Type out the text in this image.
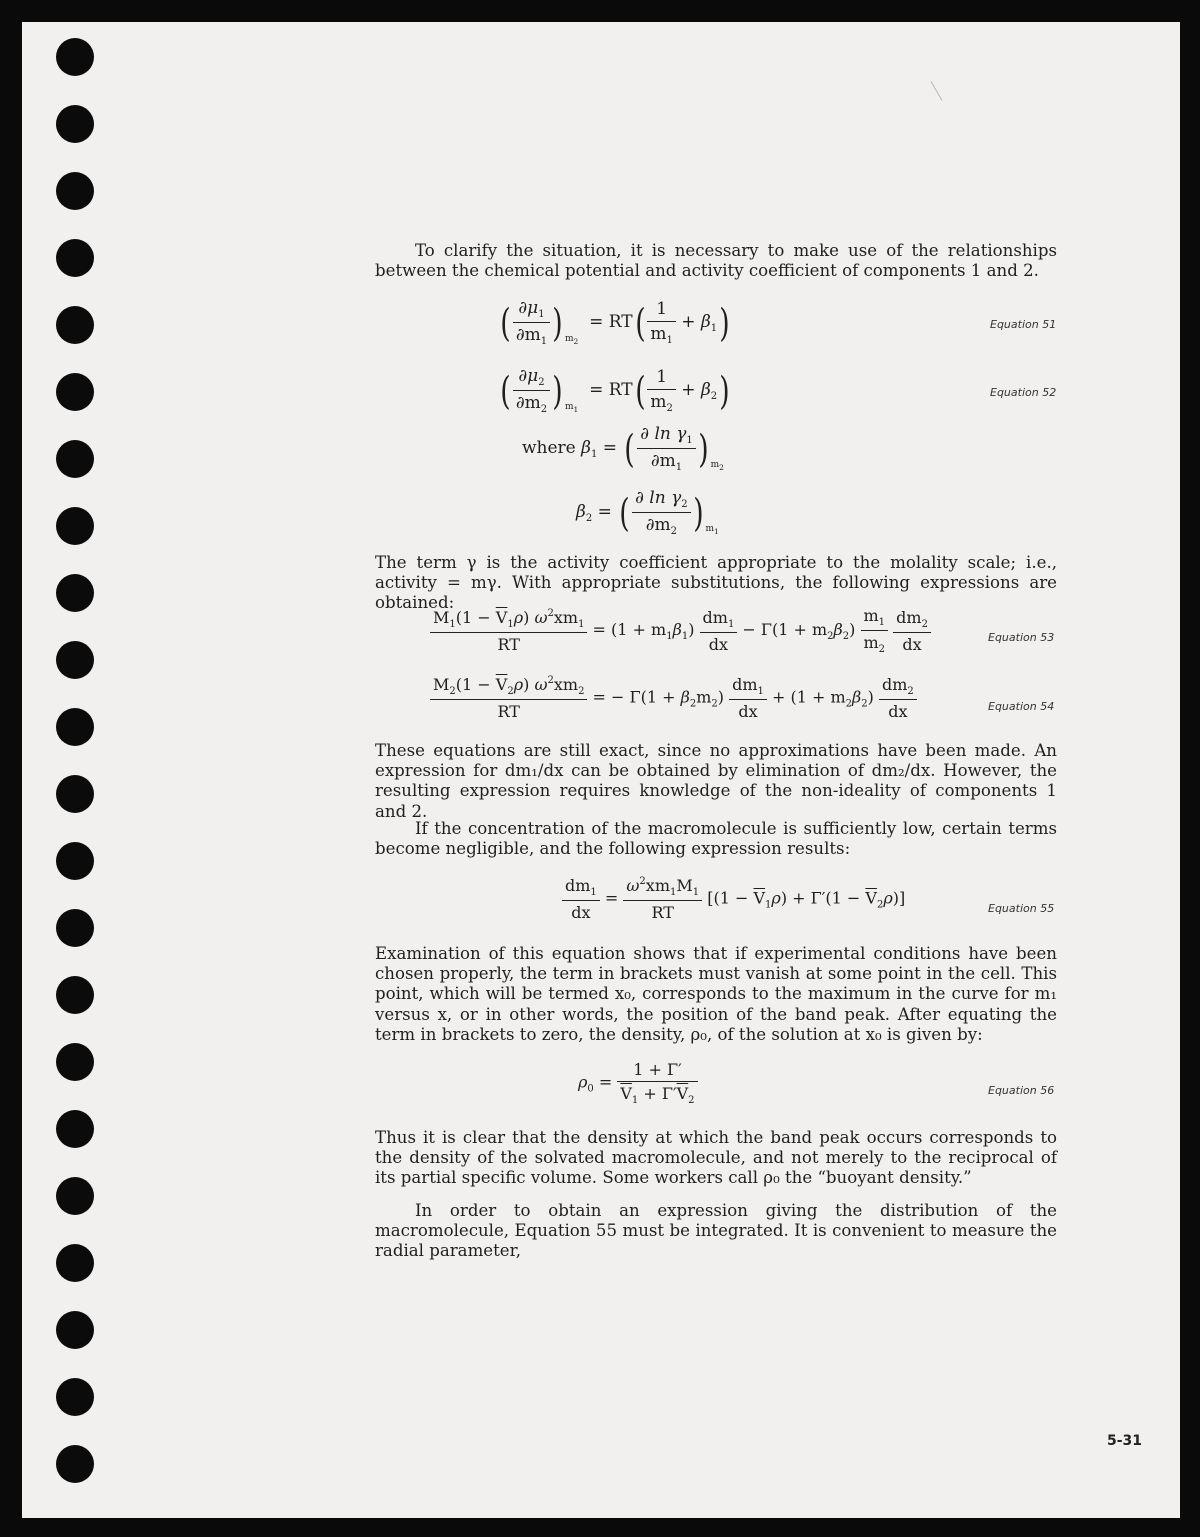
To clarify the situation, it is necessary to make use of the relationships between the chemical potential and activity coefficient of components 1 and 2.
( $\frac{\partial\mu_1}{\partial m_1}$ ) $_{m_2} = RT( \frac{1}{m_1} + \beta_1)$	Equation 51
( $\frac{\partial\mu_2}{\partial m_2}$ ) $_{m_1} = RT( \frac{1}{m_2} + \beta_2)$	Equation 52
where $\beta_1$ = ( $\frac{\partial \ln \gamma_1}{\partial m_1}$ ) $_{m_2}$
$\beta_2$ = ( $\frac{\partial \ln \gamma_2}{\partial m_2}$ ) $_{m_1}$
The term γ is the activity coefficient appropriate to the molality scale; i.e., activity = mγ. With appropriate substitutions, the following expressions are obtained:
$\frac{M_1(1 - \overline{V}_1\rho) \omega^2xm_1}{RT} = (1 + m_1\beta_1) \frac{dm_1}{dx} - \Gamma(1 + m_2\beta_2) \frac{m_1}{m_2}$
$\frac{dm_2}{dx}$	Equation 53
$\frac{M_2(1 - \overline{V}_2\rho) \omega^2xm_2}{RT}$ = − $\Gamma(1 + \beta_2m_2) \frac{dm_1}{dx} + (1 + m_2\beta_2) \frac{dm_2}{dx}$	Equation 54
These equations are still exact, since no approximations have been made. An expression for dm₁/dx can be obtained by elimination of dm₂/dx. However, the resulting expression requires knowledge of the non-ideality of components 1 and 2.
If the concentration of the macromolecule is sufficiently low, certain terms become negligible, and the following expression results:
$\frac{dm_1}{dx} = \frac{\omega^2xm_1M_1}{RT} [(1 - \overline{V}_1\rho) + \Gamma'(1 - \overline{V}_2\rho)]$
Equation 55
Examination of this equation shows that if experimental conditions have been chosen properly, the term in brackets must vanish at some point in the cell. This point, which will be termed x₀, corresponds to the maximum in the curve for m₁ versus x, or in other words, the position of the band peak. After equating the term in brackets to zero, the density, ρ₀, of the solution at x₀ is given by:
$\rho_0 = \frac{1 + \Gamma'}{\overline{V}_1 + \Gamma'\overline{V}_2}$	Equation 56
Thus it is clear that the density at which the band peak occurs corresponds to the density of the solvated macromolecule, and not merely to the reciprocal of its partial specific volume. Some workers call ρ₀ the “buoyant density.”
In order to obtain an expression giving the distribution of the macromolecule, Equation 55 must be integrated. It is convenient to measure the radial parameter,
5-31
